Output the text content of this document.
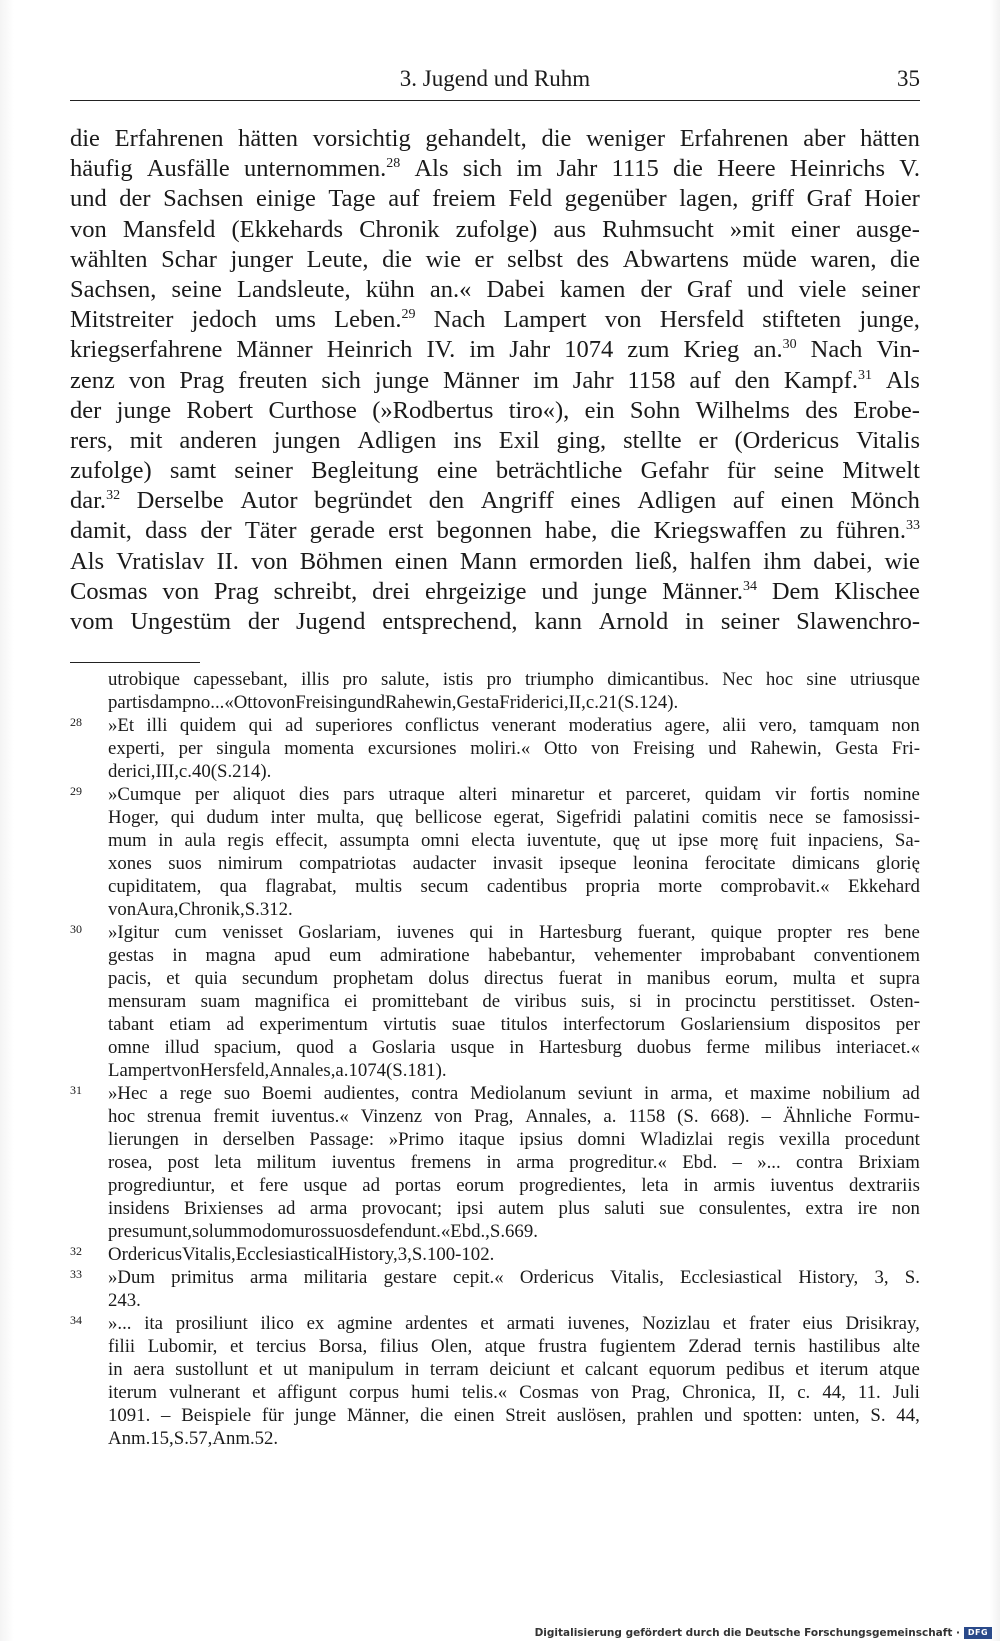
3. Jugend und Ruhm	35
die Erfahrenen hätten vorsichtig gehandelt, die weniger Erfahrenen aber hätten
häufig Ausfälle unternommen.$^{28}$ Als sich im Jahr 1115 die Heere Heinrichs V.
und der Sachsen einige Tage auf freiem Feld gegenüber lagen, griff Graf Hoier
von Mansfeld (Ekkehards Chronik zufolge) aus Ruhmsucht »mit einer ausge-
wählten Schar junger Leute, die wie er selbst des Abwartens müde waren, die
Sachsen, seine Landsleute, kühn an.« Dabei kamen der Graf und viele seiner
Mitstreiter jedoch ums Leben.$^{29}$ Nach Lampert von Hersfeld stifteten junge,
kriegserfahrene Männer Heinrich IV. im Jahr 1074 zum Krieg an.$^{30}$ Nach Vin-
zenz von Prag freuten sich junge Männer im Jahr 1158 auf den Kampf.$^{31}$ Als
der junge Robert Curthose (»Rodbertus tiro«), ein Sohn Wilhelms des Erobe-
rers, mit anderen jungen Adligen ins Exil ging, stellte er (Ordericus Vitalis
zufolge) samt seiner Begleitung eine beträchtliche Gefahr für seine Mitwelt
dar.$^{32}$ Derselbe Autor begründet den Angriff eines Adligen auf einen Mönch
damit, dass der Täter gerade erst begonnen habe, die Kriegswaffen zu führen.$^{33}$
Als Vratislav II. von Böhmen einen Mann ermorden ließ, halfen ihm dabei, wie
Cosmas von Prag schreibt, drei ehrgeizige und junge Männer.$^{34}$ Dem Klischee
vom Ungestüm der Jugend entsprechend, kann Arnold in seiner Slawenchro-
utrobique capessebant, illis pro salute, istis pro triumpho dimicantibus. Nec hoc sine utriusque
partis dampno ...« Otto von Freising und Rahewin, Gesta Friderici, II, c. 21 (S. 124).
28 »Et illi quidem qui ad superiores conflictus venerant moderatius agere, alii vero, tamquam non
experti, per singula momenta excursiones moliri.« Otto von Freising und Rahewin, Gesta Fri-
derici, III, c. 40 (S. 214).
29 »Cumque per aliquot dies pars utraque alteri minaretur et parceret, quidam vir fortis nomine
Hoger, qui dudum inter multa, quę bellicose egerat, Sigefridi palatini comitis nece se famosissi-
mum in aula regis effecit, assumpta omni electa iuventute, quę ut ipse morę fuit inpaciens, Sa-
xones suos nimirum compatriotas audacter invasit ipseque leonina ferocitate dimicans glorię
cupiditatem, qua flagrabat, multis secum cadentibus propria morte comprobavit.« Ekkehard
von Aura, Chronik, S. 312.
30 »Igitur cum venisset Goslariam, iuvenes qui in Hartesburg fuerant, quique propter res bene
gestas in magna apud eum admiratione habebantur, vehementer improbabant conventionem
pacis, et quia secundum prophetam dolus directus fuerat in manibus eorum, multa et supra
mensuram suam magnifica ei promittebant de viribus suis, si in procinctu perstitisset. Osten-
tabant etiam ad experimentum virtutis suae titulos interfectorum Goslariensium dispositos per
omne illud spacium, quod a Goslaria usque in Hartesburg duobus ferme milibus interiacet.«
Lampert von Hersfeld, Annales, a. 1074 (S. 181).
31 »Hec a rege suo Boemi audientes, contra Mediolanum seviunt in arma, et maxime nobilium ad
hoc strenua fremit iuventus.« Vinzenz von Prag, Annales, a. 1158 (S. 668). – Ähnliche Formu-
lierungen in derselben Passage: »Primo itaque ipsius domni Wladizlai regis vexilla procedunt
rosea, post leta militum iuventus fremens in arma progreditur.« Ebd. – »... contra Brixiam
progrediuntur, et fere usque ad portas eorum progredientes, leta in armis iuventus dextrariis
insidens Brixienses ad arma provocant; ipsi autem plus saluti sue consulentes, extra ire non
presumunt, solummodo muros suos defendunt.« Ebd., S. 669.
32 Ordericus Vitalis, Ecclesiastical History, 3, S. 100-102.
33 »Dum primitus arma militaria gestare cepit.« Ordericus Vitalis, Ecclesiastical History, 3, S.
243.
34 »... ita prosiliunt ilico ex agmine ardentes et armati iuvenes, Nozizlau et frater eius Drisikray,
filii Lubomir, et tercius Borsa, filius Olen, atque frustra fugientem Zderad ternis hastilibus alte
in aera sustollunt et ut manipulum in terram deiciunt et calcant equorum pedibus et iterum atque
iterum vulnerant et affigunt corpus humi telis.« Cosmas von Prag, Chronica, II, c. 44, 11. Juli
1091. – Beispiele für junge Männer, die einen Streit auslösen, prahlen und spotten: unten, S. 44,
Anm. 15, S. 57, Anm. 52.
Digitalisierung gefördert durch die Deutsche Forschungsgemeinschaft · DFG
